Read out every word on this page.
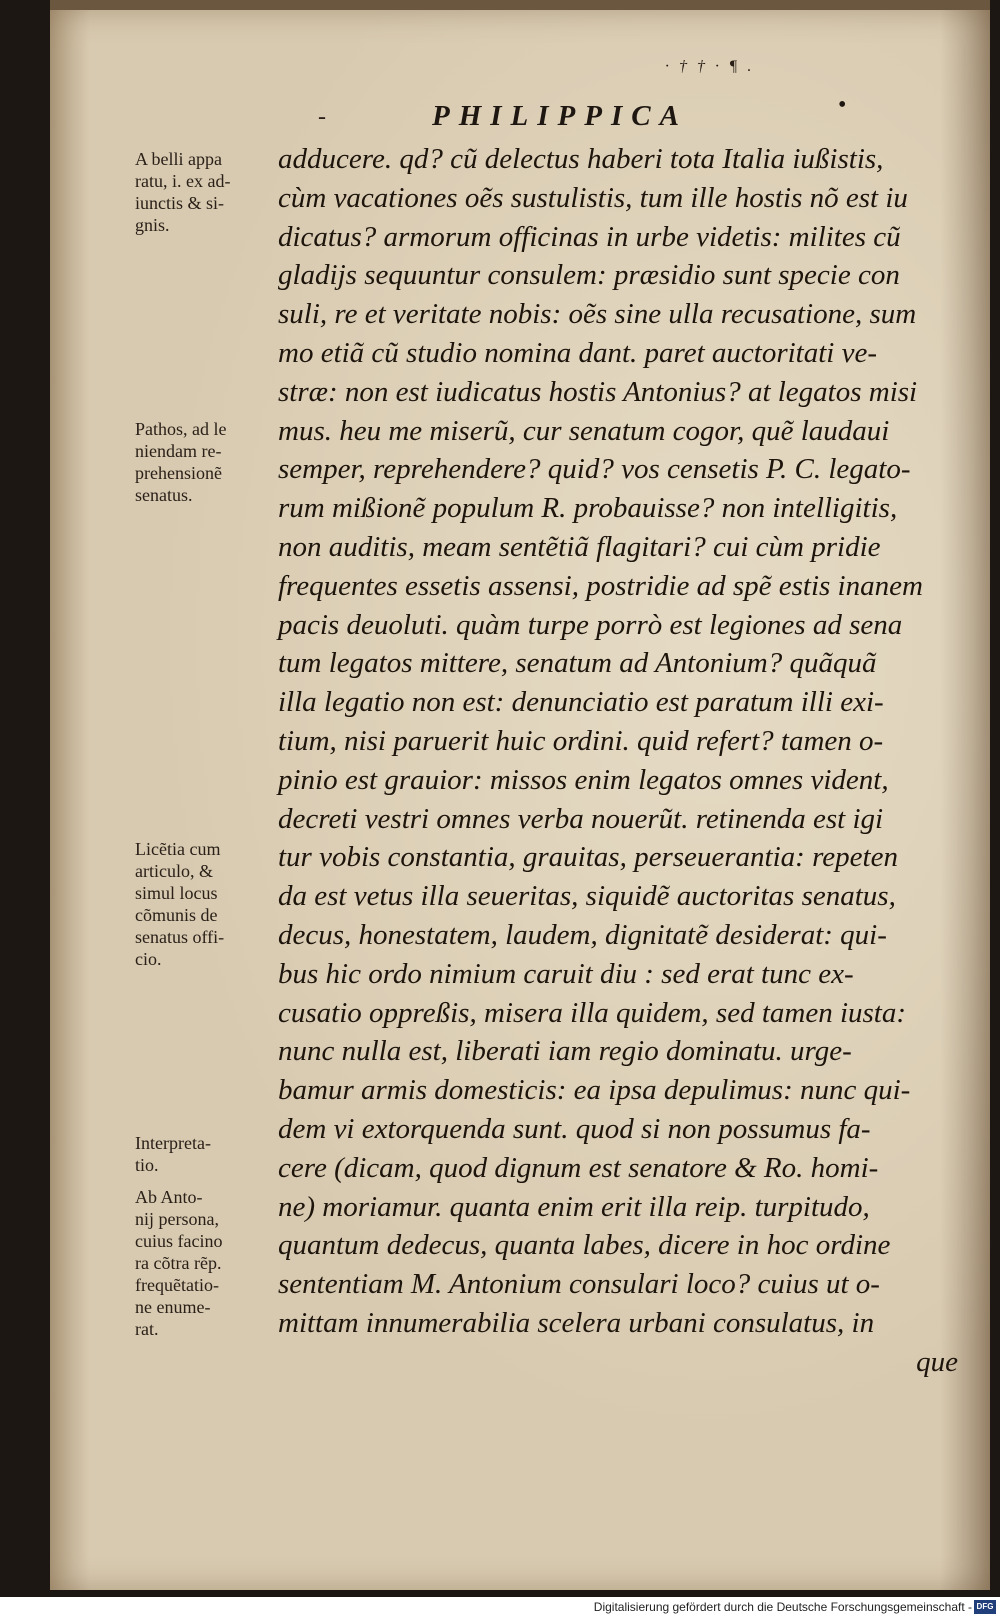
· † † · ¶ .
-	PHILIPPICA	•
adducere. qd? cũ delectus haberi tota Italia iußistis,
cùm vacationes oẽs sustulistis, tum ille hostis nõ est iu
dicatus? armorum officinas in urbe videtis: milites cũ
gladijs sequuntur consulem: præsidio sunt specie con
suli, re et veritate nobis: oẽs sine ulla recusatione, sum
mo etiã cũ studio nomina dant. paret auctoritati ve-
stræ: non est iudicatus hostis Antonius? at legatos misi
mus. heu me miserũ, cur senatum cogor, quẽ laudaui
semper, reprehendere? quid? vos censetis P. C. legato-
rum mißionẽ populum R. probauisse? non intelligitis,
non auditis, meam sentẽtiã flagitari? cui cùm pridie
frequentes essetis assensi, postridie ad spẽ estis inanem
pacis deuoluti. quàm turpe porrò est legiones ad sena
tum legatos mittere, senatum ad Antonium? quãquã
illa legatio non est: denunciatio est paratum illi exi-
tium, nisi paruerit huic ordini. quid refert? tamen o-
pinio est grauior: missos enim legatos omnes vident,
decreti vestri omnes verba nouerũt. retinenda est igi
tur vobis constantia, grauitas, perseuerantia: repeten
da est vetus illa seueritas, siquidẽ auctoritas senatus,
decus, honestatem, laudem, dignitatẽ desiderat: qui-
bus hic ordo nimium caruit diu : sed erat tunc ex-
cusatio oppreßis, misera illa quidem, sed tamen iusta:
nunc nulla est, liberati iam regio dominatu. urge-
bamur armis domesticis: ea ipsa depulimus: nunc qui-
dem vi extorquenda sunt. quod si non possumus fa-
cere (dicam, quod dignum est senatore & Ro. homi-
ne) moriamur. quanta enim erit illa reip. turpitudo,
quantum dedecus, quanta labes, dicere in hoc ordine
sententiam M. Antonium consulari loco? cuius ut o-
mittam innumerabilia scelera urbani consulatus, in
que
A belli appa
ratu, i. ex ad-
iunctis & si-
gnis.
Pathos, ad le
niendam re-
prehensionẽ
senatus.
Licẽtia cum
articulo, &
simul locus
cõmunis de
senatus offi-
cio.
Interpreta-
tio.
Ab Anto-
nij persona,
cuius facino
ra cõtra rẽp.
frequẽtatio-
ne enume-
rat.
Digitalisierung gefördert durch die Deutsche Forschungsgemeinschaft - DFG
